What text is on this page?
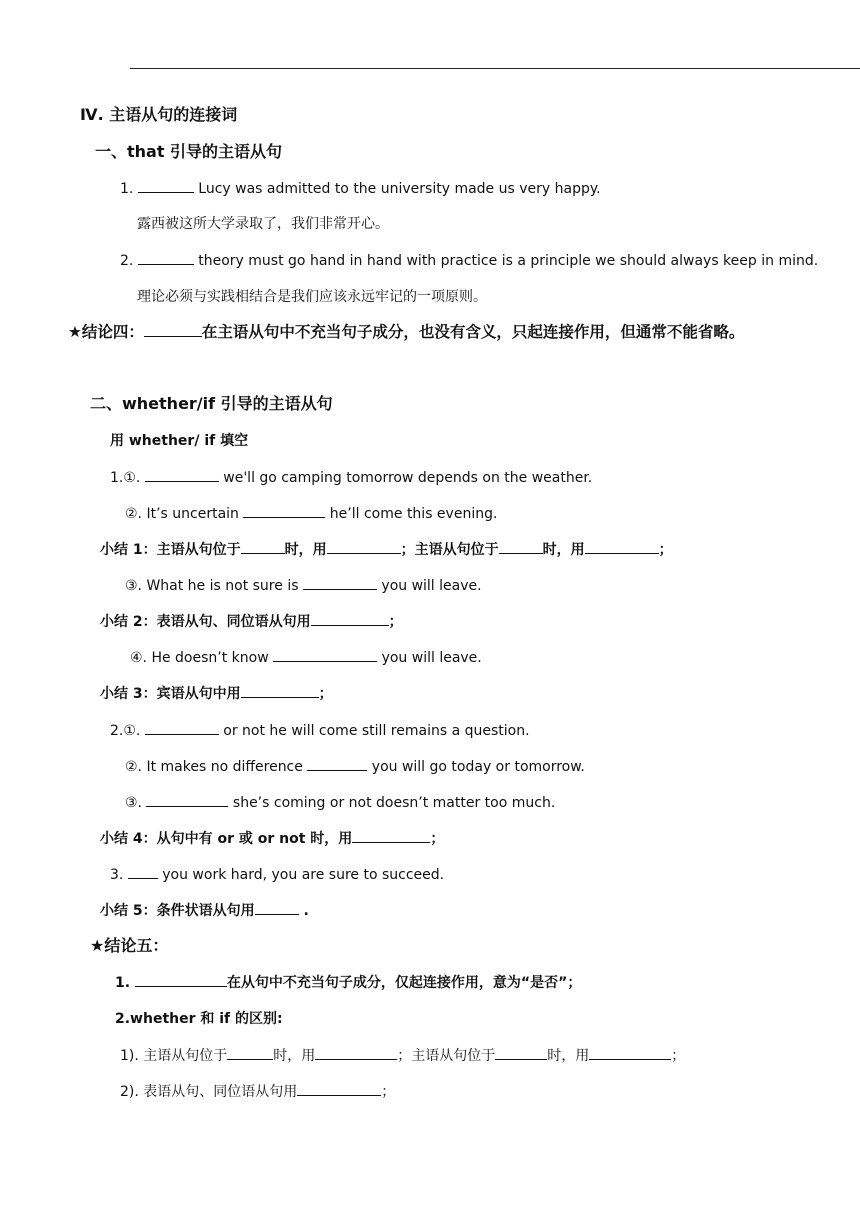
Ⅳ. 主语从句的连接词
一、that 引导的主语从句
1.	Lucy was admitted to the university made us very happy.
露西被这所大学录取了，我们非常开心。
2.	theory must go hand in hand with practice is a principle we should always keep in mind.
理论必须与实践相结合是我们应该永远牢记的一项原则。
★结论四：	在主语从句中不充当句子成分，也没有含义，只起连接作用，但通常不能省略。
二、whether/if 引导的主语从句
用 whether/ if 填空
1.①.	we'll go camping tomorrow depends on the weather.
②. It’s uncertain	he’ll come this evening.
小结 1：主语从句位于	时，用	；主语从句位于	时，用	；
③. What he is not sure is	you will leave.
小结 2：表语从句、同位语从句用	；
④. He doesn’t know	you will leave.
小结 3：宾语从句中用	；
2.①.	or not he will come still remains a question.
②. It makes no difference	you will go today or tomorrow.
③.	she’s coming or not doesn’t matter too much.
小结 4：从句中有 or 或 or not 时，用	；
3.  you work hard, you are sure to succeed.
小结 5：条件状语从句用	.
★结论五：
1.	在从句中不充当句子成分，仅起连接作用，意为“是否”；
2.whether 和 if 的区别:
1). 主语从句位于	时，用	；主语从句位于	时，用	；
2). 表语从句、同位语从句用	；
